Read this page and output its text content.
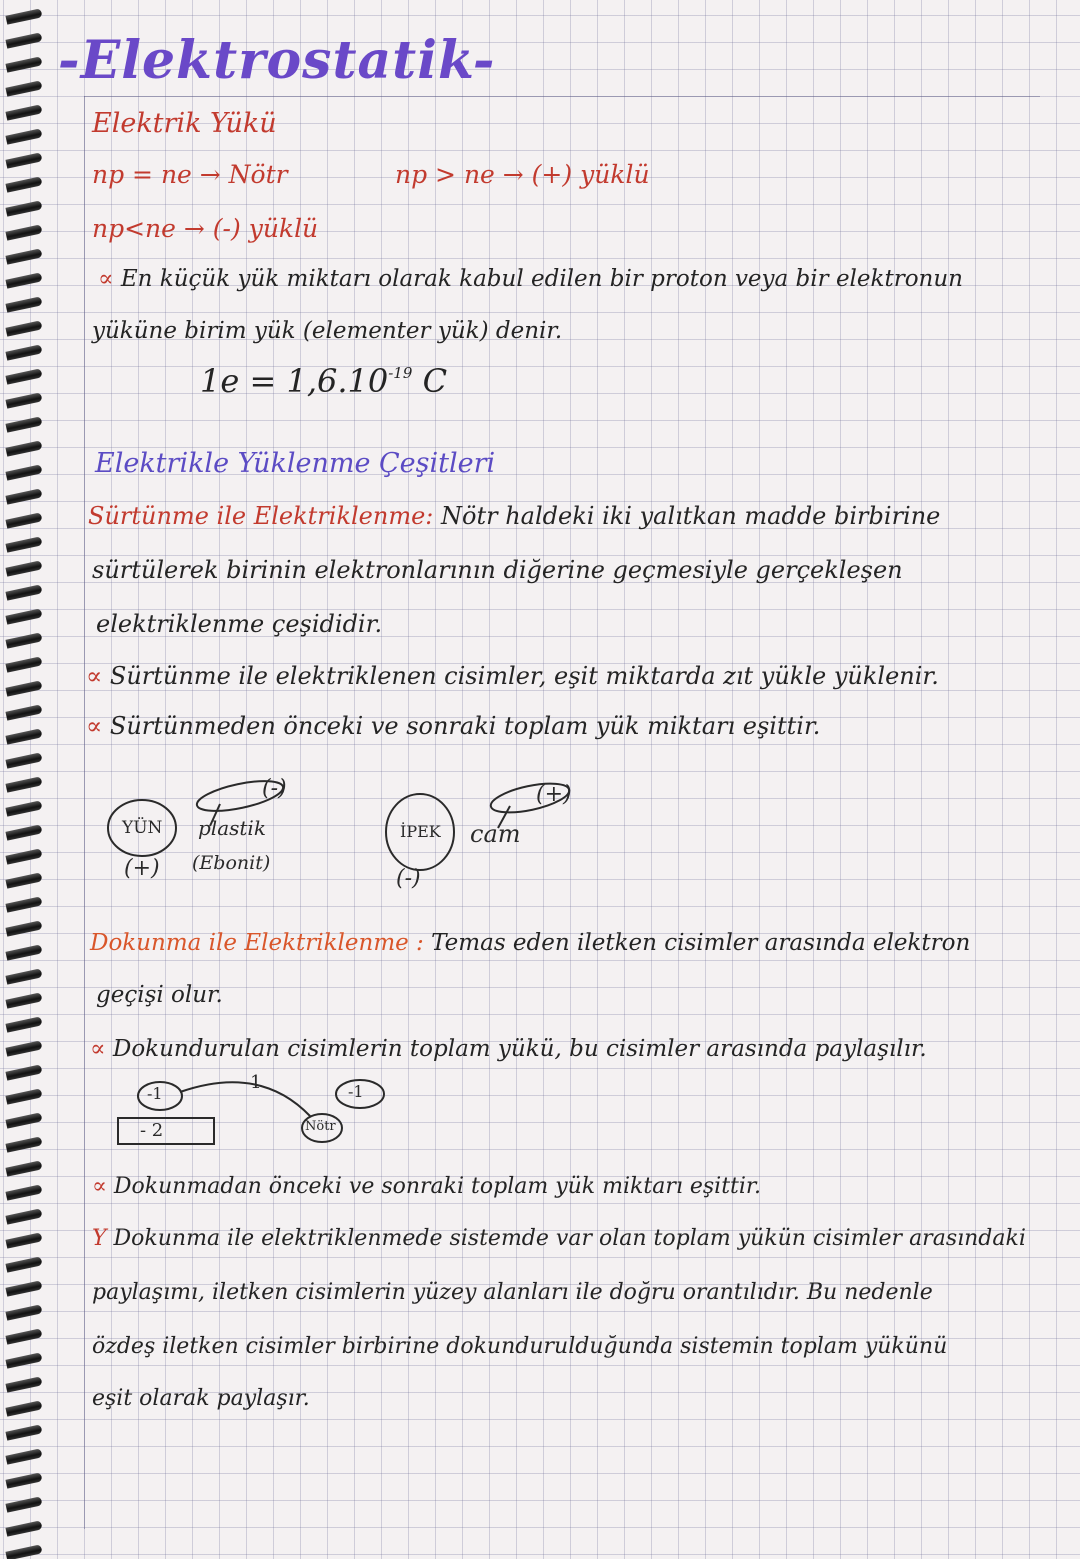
-Elektrostatik-
Elektrik Yükü
np = ne → Nötr	np > ne → (+) yüklü
np<ne → (-) yüklü
∝ En küçük yük miktarı olarak kabul edilen bir proton veya bir elektronun
yüküne birim yük (elementer yük) denir.
$1e = 1,6.10^{-19}$ C
Elektrikle Yüklenme Çeşitleri
Sürtünme ile Elektriklenme: Nötr haldeki iki yalıtkan madde birbirine
sürtülerek birinin elektronlarının diğerine geçmesiyle gerçekleşen
elektriklenme çeşididir.
∝ Sürtünme ile elektriklenen cisimler, eşit miktarda zıt yükle yüklenir.
∝ Sürtünmeden önceki ve sonraki toplam yük miktarı eşittir.
YÜN
(+)
plastik
(Ebonit)
(-)
İPEK
(-)
cam
(+)
Dokunma ile Elektriklenme : Temas eden iletken cisimler arasında elektron
geçişi olur.
∝ Dokundurulan cisimlerin toplam yükü, bu cisimler arasında paylaşılır.
- 2
-1
-1	-1
Nötr
∝ Dokunmadan önceki ve sonraki toplam yük miktarı eşittir.
Y Dokunma ile elektriklenmede sistemde var olan toplam yükün cisimler arasındaki
paylaşımı, iletken cisimlerin yüzey alanları ile doğru orantılıdır. Bu nedenle
özdeş iletken cisimler birbirine dokundurulduğunda sistemin toplam yükünü
eşit olarak paylaşır.
